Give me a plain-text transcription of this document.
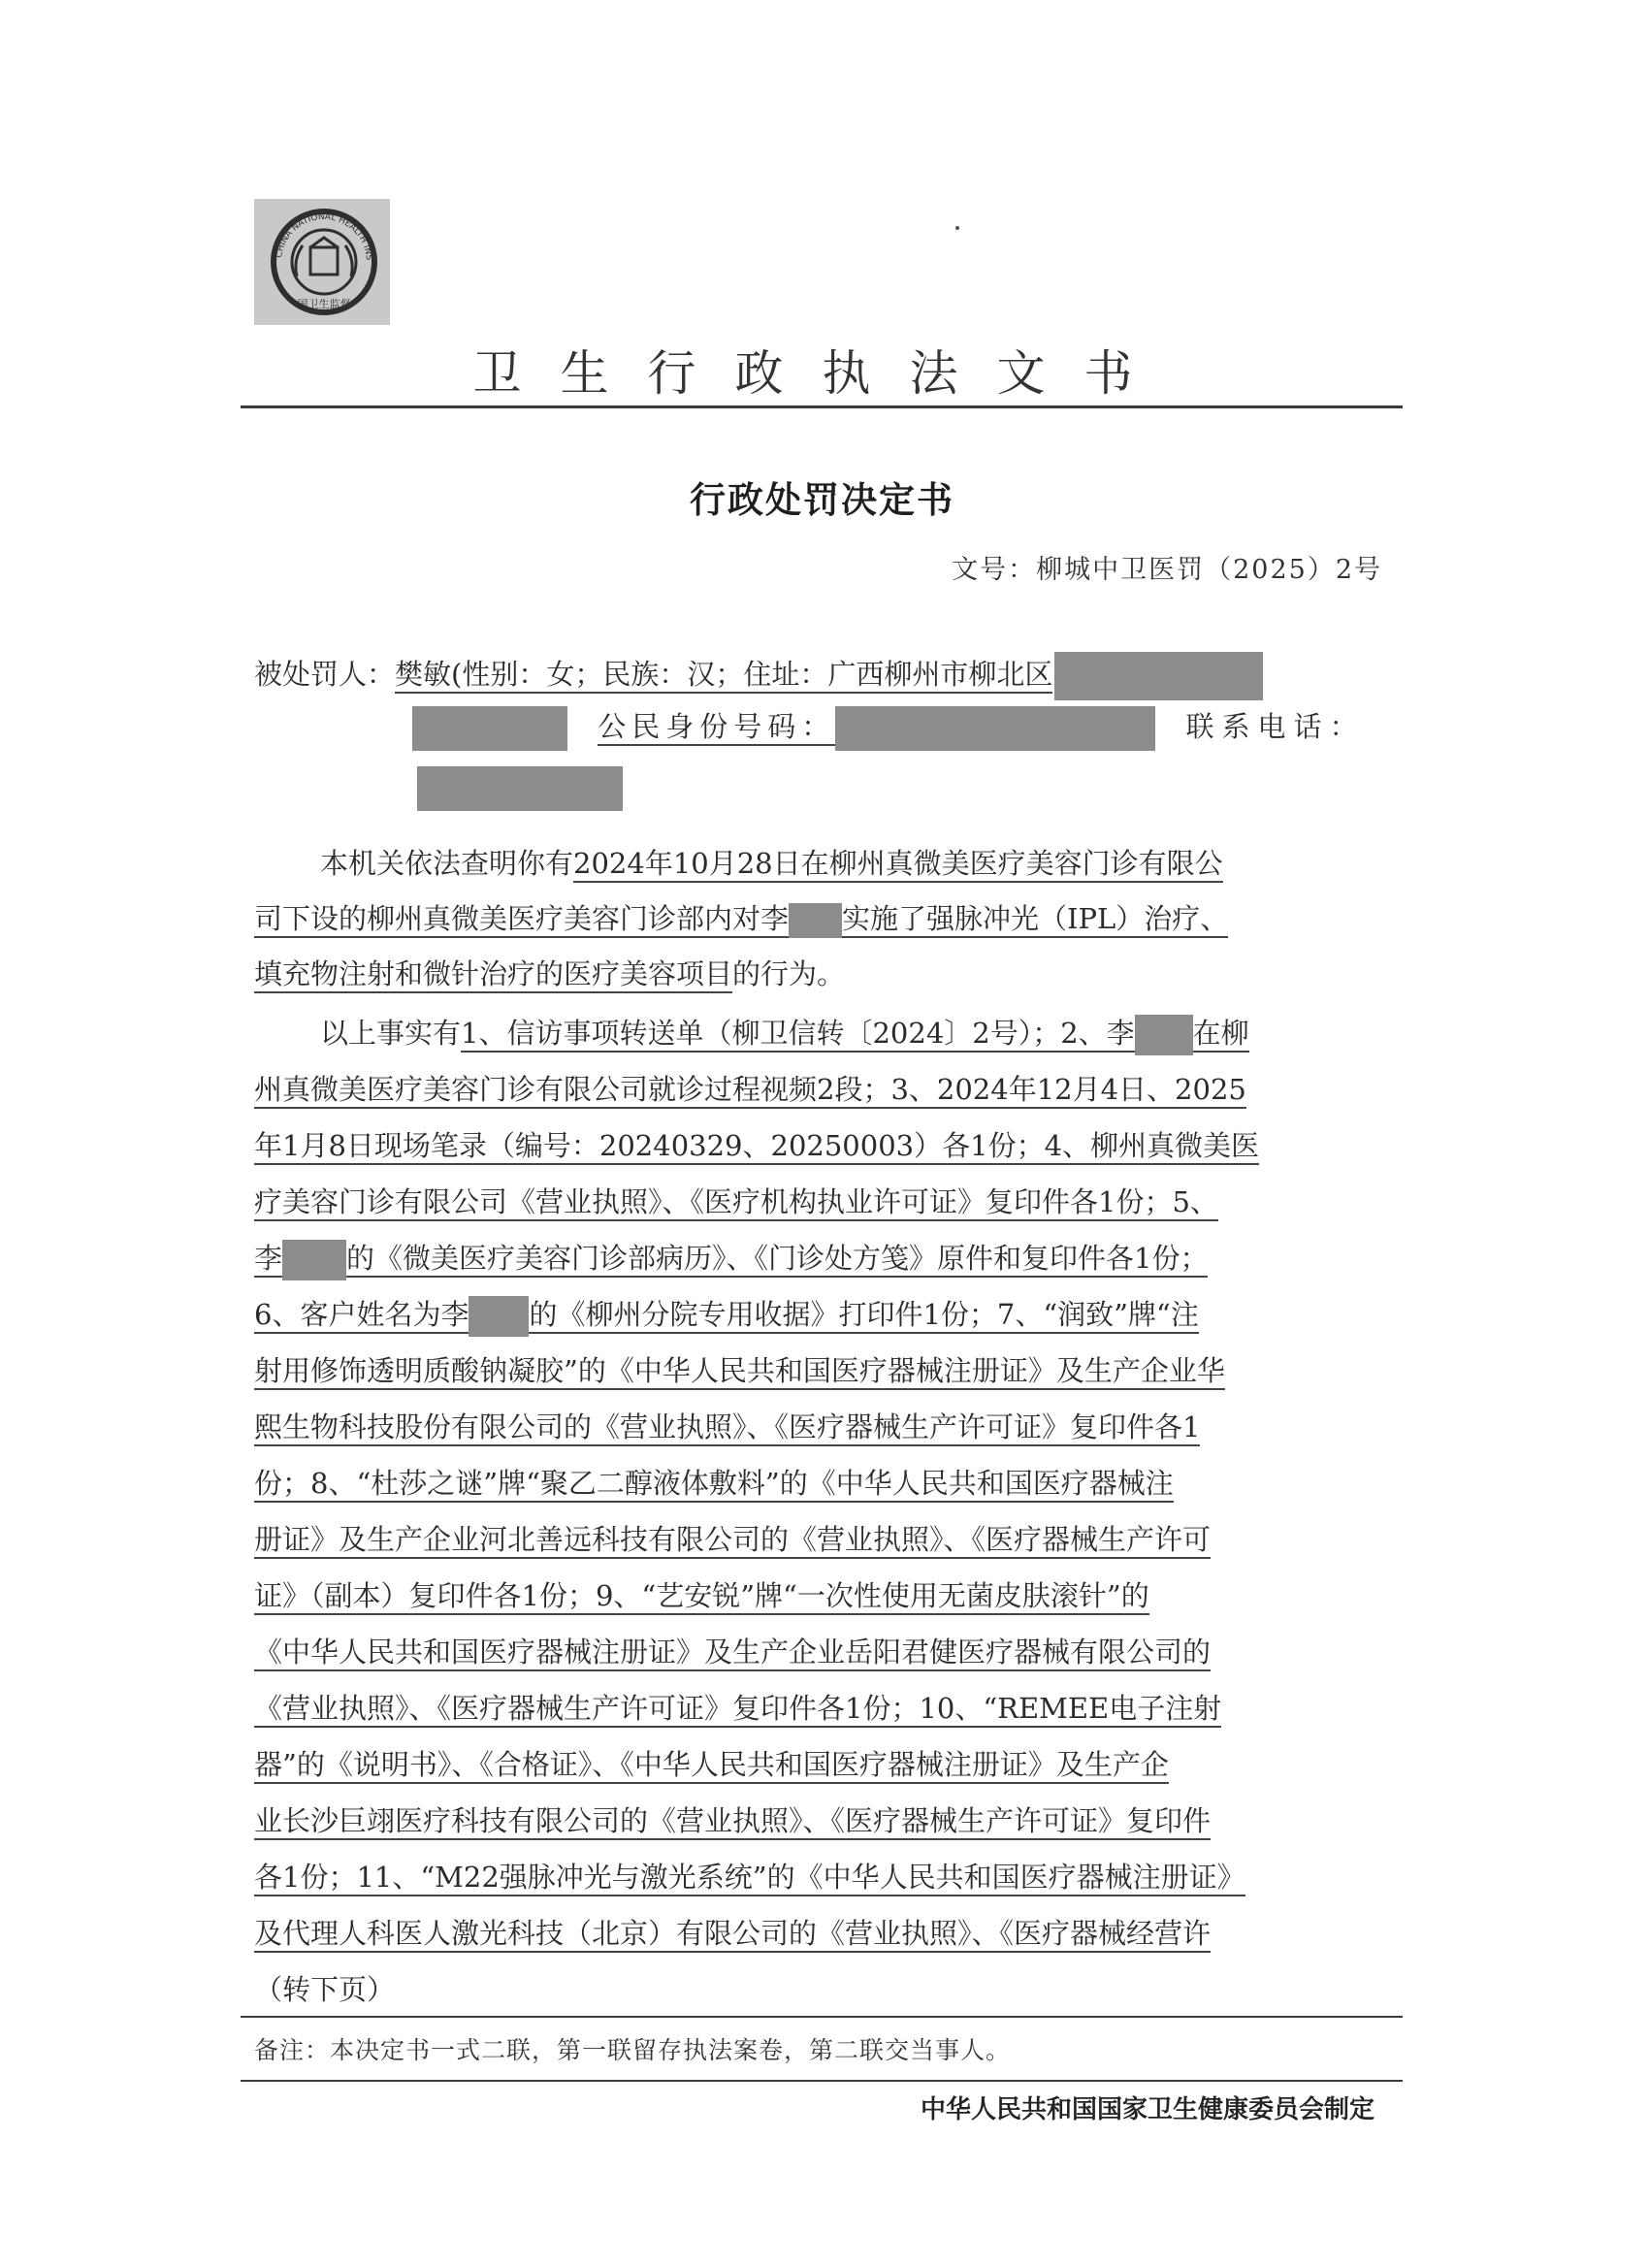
CHINA NATIONAL HEALTH INS
国卫生监督
卫生行政执法文书
行政处罚决定书
文号：柳城中卫医罚（2025）2号
被处罚人：樊敏(性别：女；民族：汉；住址：广西柳州市柳北区
公民身份号码：	联系电话：
本机关依法查明你有2024年10月28日在柳州真微美医疗美容门诊有限公
司下设的柳州真微美医疗美容门诊部内对李 实施了强脉冲光（IPL）治疗、
填充物注射和微针治疗的医疗美容项目的行为。
以上事实有1、信访事项转送单（柳卫信转〔2024〕2号）；2、李 在柳
州真微美医疗美容门诊有限公司就诊过程视频2段；3、2024年12月4日、2025
年1月8日现场笔录（编号：20240329、20250003）各1份；4、柳州真微美医
疗美容门诊有限公司《营业执照》、《医疗机构执业许可证》复印件各1份；5、
李 的《微美医疗美容门诊部病历》、《门诊处方笺》原件和复印件各1份；
6、客户姓名为李 的《柳州分院专用收据》打印件1份；7、“润致”牌“注
射用修饰透明质酸钠凝胶”的《中华人民共和国医疗器械注册证》及生产企业华
熙生物科技股份有限公司的《营业执照》、《医疗器械生产许可证》复印件各1
份；8、“杜莎之谜”牌“聚乙二醇液体敷料”的《中华人民共和国医疗器械注
册证》及生产企业河北善远科技有限公司的《营业执照》、《医疗器械生产许可
证》（副本）复印件各1份；9、“艺安锐”牌“一次性使用无菌皮肤滚针”的
《中华人民共和国医疗器械注册证》及生产企业岳阳君健医疗器械有限公司的
《营业执照》、《医疗器械生产许可证》复印件各1份；10、“REMEE电子注射
器”的《说明书》、《合格证》、《中华人民共和国医疗器械注册证》及生产企
业长沙巨翊医疗科技有限公司的《营业执照》、《医疗器械生产许可证》复印件
各1份；11、“M22强脉冲光与激光系统”的《中华人民共和国医疗器械注册证》
及代理人科医人激光科技（北京）有限公司的《营业执照》、《医疗器械经营许
（转下页）
备注：本决定书一式二联，第一联留存执法案卷，第二联交当事人。
中华人民共和国国家卫生健康委员会制定
